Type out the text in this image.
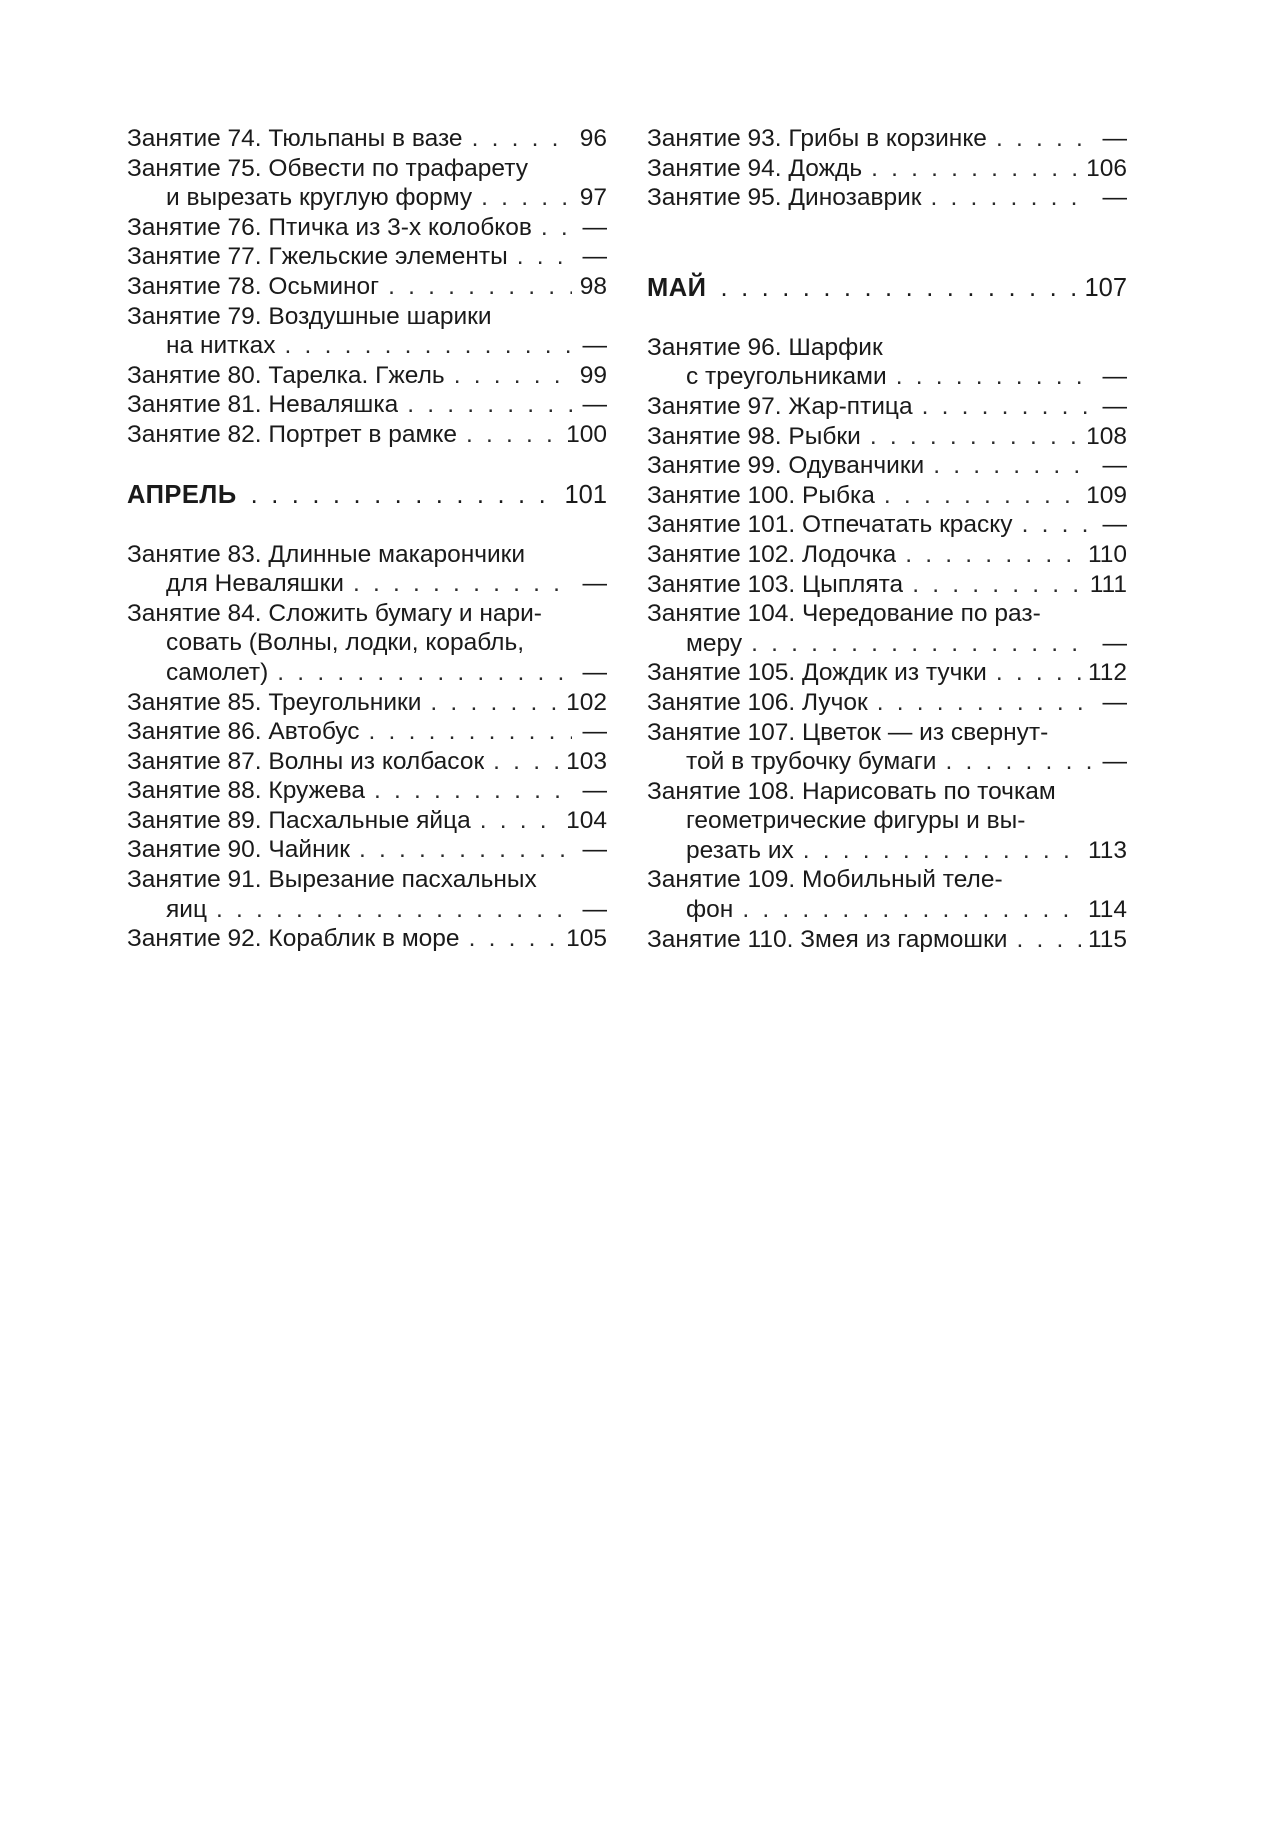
Занятие 74. Тюльпаны в вазе . . .	96
Занятие 75. Обвести по трафарету
и вырезать круглую форму . . .	97
Занятие 76. Птичка из 3-х колобков . . . —
Занятие 77. Гжельские элементы . . .	—
Занятие 78. Осьминог . . .	98
Занятие 79. Воздушные шарики
на нитках . . .	—
Занятие 80. Тарелка. Гжель . . .	99
Занятие 81. Неваляшка . . .	—
Занятие 82. Портрет в рамке . . .	100
АПРЕЛЬ . . .	101
Занятие 83. Длинные макарончики
для Неваляшки . . .	—
Занятие 84. Сложить бумагу и нари-
совать (Волны, лодки, корабль,
самолет) . . .	—
Занятие 85. Треугольники . . .	102
Занятие 86. Автобус . . .	—
Занятие 87. Волны из колбасок . . .	103
Занятие 88. Кружева . . .	—
Занятие 89. Пасхальные яйца . . .	104
Занятие 90. Чайник . . .	—
Занятие 91. Вырезание пасхальных
яиц . . .	—
Занятие 92. Кораблик в море . . .	105
Занятие 93. Грибы в корзинке . . .	—
Занятие 94. Дождь . . .	106
Занятие 95. Динозаврик . . .	—
МАЙ . . .	107
Занятие 96. Шарфик
с треугольниками . . .	—
Занятие 97. Жар-птица . . .	—
Занятие 98. Рыбки . . .	108
Занятие 99. Одуванчики . . .	—
Занятие 100. Рыбка . . .	109
Занятие 101. Отпечатать краску . . .	—
Занятие 102. Лодочка . . .	110
Занятие 103. Цыплята . . .	111
Занятие 104. Чередование по раз-
меру . . .	—
Занятие 105. Дождик из тучки . . .	112
Занятие 106. Лучок . . .	—
Занятие 107. Цветок — из свернут-
той в трубочку бумаги . . .	—
Занятие 108. Нарисовать по точкам
геометрические фигуры и вы-
резать их . . .	113
Занятие 109. Мобильный теле-
фон . . .	114
Занятие 110. Змея из гармошки . . .	115
